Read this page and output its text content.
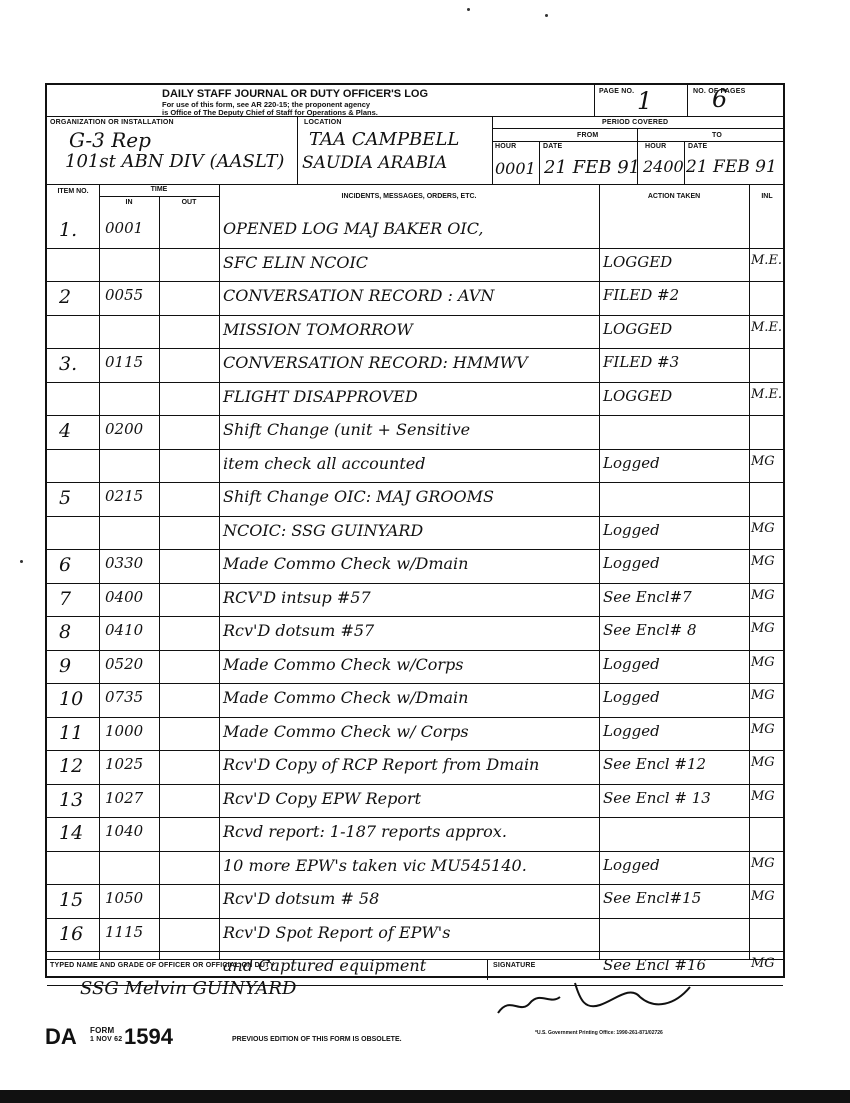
DAILY STAFF JOURNAL OR DUTY OFFICER'S LOG
For use of this form, see AR 220-15; the proponent agency
is Office of The Deputy Chief of Staff for Operations & Plans.
PAGE NO. 1	NO. OF PAGES
6
ORGANIZATION OR INSTALLATION
G-3 Rep
101st ABN DIV (AASLT)
LOCATION
TAA CAMPBELL
SAUDIA ARABIA
PERIOD COVERED
FROM	TO
HOUR	DATE	HOUR	DATE
0001 21 FEB 91 2400 21 FEB 91
ITEM NO.	TIME
IN	OUT
INCIDENTS, MESSAGES, ORDERS, ETC.	ACTION TAKEN	INL
1. 0001	OPENED LOG MAJ BAKER OIC,
SFC ELIN NCOIC	LOGGED	M.E.
2 0055	CONVERSATION RECORD : AVN	FILED #2
MISSION TOMORROW	LOGGED	M.E.
3. 0115	CONVERSATION RECORD: HMMWV	FILED #3
FLIGHT DISAPPROVED	LOGGED	M.E.
4 0200	Shift Change (unit + Sensitive
item check all accounted	Logged	MG
5 0215	Shift Change OIC: MAJ GROOMS
NCOIC: SSG GUINYARD	Logged	MG
6 0330	Made Commo Check w/Dmain	Logged	MG
7 0400	RCV'D intsup #57	See Encl#7	MG
8 0410	Rcv'D dotsum #57	See Encl# 8	MG
9 0520	Made Commo Check w/Corps	Logged	MG
10 0735	Made Commo Check w/Dmain	Logged	MG
11 1000	Made Commo Check w/ Corps	Logged	MG
12 1025	Rcv'D Copy of RCP Report from Dmain	See Encl #12	MG
13 1027	Rcv'D Copy EPW Report	See Encl # 13	MG
14 1040	Rcvd report: 1-187 reports approx.
10 more EPW's taken vic MU545140.	Logged	MG
15 1050	Rcv'D dotsum # 58	See Encl#15	MG
16 1115	Rcv'D Spot Report of EPW's
and Captured equipment	See Encl #16	MG
TYPED NAME AND GRADE OF OFFICER OR OFFICIAL ON DUTY	SIGNATURE
SSG Melvin GUINYARD
DA FORM
1 NOV 62 1594	PREVIOUS EDITION OF THIS FORM IS OBSOLETE.
*U.S. Government Printing Office: 1990-261-871/02726
